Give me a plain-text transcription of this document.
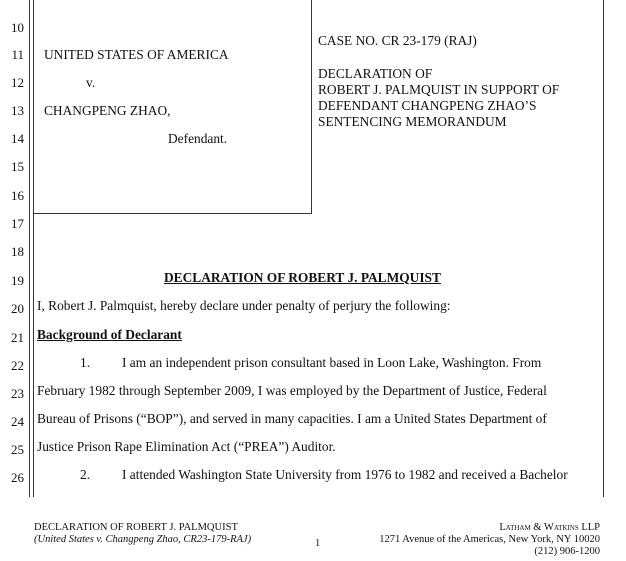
10
11
12
13
14
15
16
17
18
19
20
21
22
23
24
25
26
UNITED STATES OF AMERICA
v.
CHANGPENG ZHAO,
Defendant.
CASE NO. CR 23-179 (RAJ)
DECLARATION OF
ROBERT J. PALMQUIST IN SUPPORT OF
DEFENDANT CHANGPENG ZHAO’S
SENTENCING MEMORANDUM
DECLARATION OF ROBERT J. PALMQUIST
I, Robert J. Palmquist, hereby declare under penalty of perjury the following:
Background of Declarant
1. I am an independent prison consultant based in Loon Lake, Washington. From
February 1982 through September 2009, I was employed by the Department of Justice, Federal
Bureau of Prisons (“BOP”), and served in many capacities. I am a United States Department of
Justice Prison Rape Elimination Act (“PREA”) Auditor.
2. I attended Washington State University from 1976 to 1982 and received a Bachelor
DECLARATION OF ROBERT J. PALMQUIST
(United States v. Changpeng Zhao, CR23-179-RAJ)	1
Latham & Watkins LLP
1271 Avenue of the Americas, New York, NY 10020
(212) 906-1200
